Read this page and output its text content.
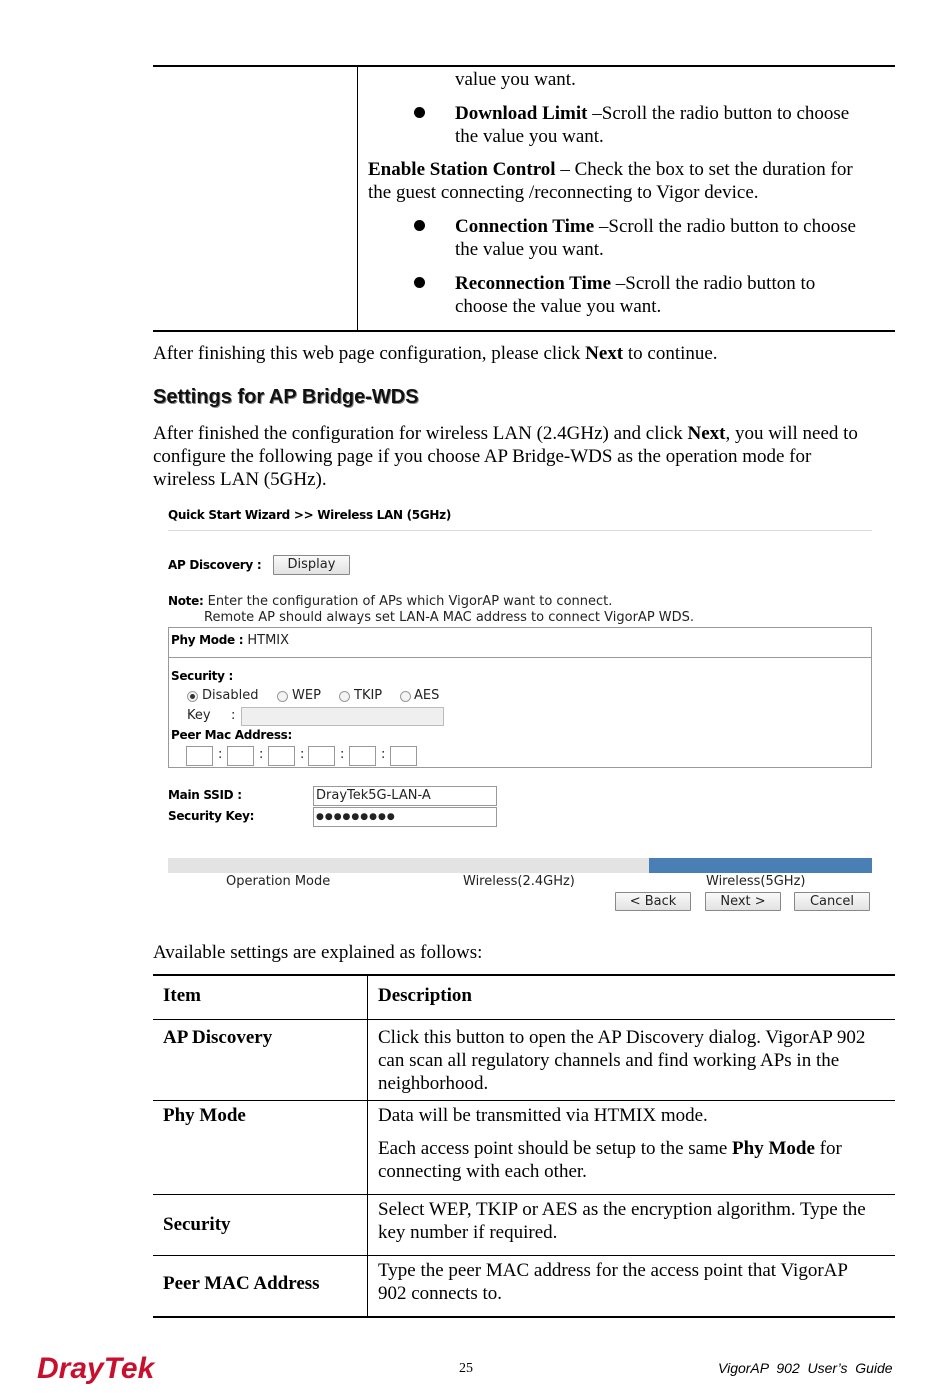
value you want.
Download Limit –Scroll the radio button to choose
the value you want.
Enable Station Control – Check the box to set the duration for
the guest connecting /reconnecting to Vigor device.
Connection Time –Scroll the radio button to choose
the value you want.
Reconnection Time –Scroll the radio button to
choose the value you want.
After finishing this web page configuration, please click Next to continue.
Settings for AP Bridge-WDS
After finished the configuration for wireless LAN (2.4GHz) and click Next, you will need to
configure the following page if you choose AP Bridge-WDS as the operation mode for
wireless LAN (5GHz).
Quick Start Wizard >> Wireless LAN (5GHz)
AP Discovery :	Display
Note: Enter the configuration of APs which VigorAP want to connect.
Remote AP should always set LAN-A MAC address to connect VigorAP WDS.
Phy Mode : HTMIX
Security :
Disabled	WEP	TKIP AES
Key :
Peer Mac Address:
:	:	:	:	:
Main SSID :	DrayTek5G-LAN-A
Security Key:	●●●●●●●●●
Operation Mode	Wireless(2.4GHz)	Wireless(5GHz)
< Back	Next >	Cancel
Available settings are explained as follows:
Item	Description
AP Discovery	Click this button to open the AP Discovery dialog. VigorAP 902
can scan all regulatory channels and find working APs in the
neighborhood.

Phy Mode	Data will be transmitted via HTMIX mode.
Each access point should be setup to the same Phy Mode for
connecting with each other.

Security	Select WEP, TKIP or AES as the encryption algorithm. Type the
key number if required.

Peer MAC Address	Type the peer MAC address for the access point that VigorAP
902 connects to.
DrayTek	25	VigorAP  902  User’s  Guide
